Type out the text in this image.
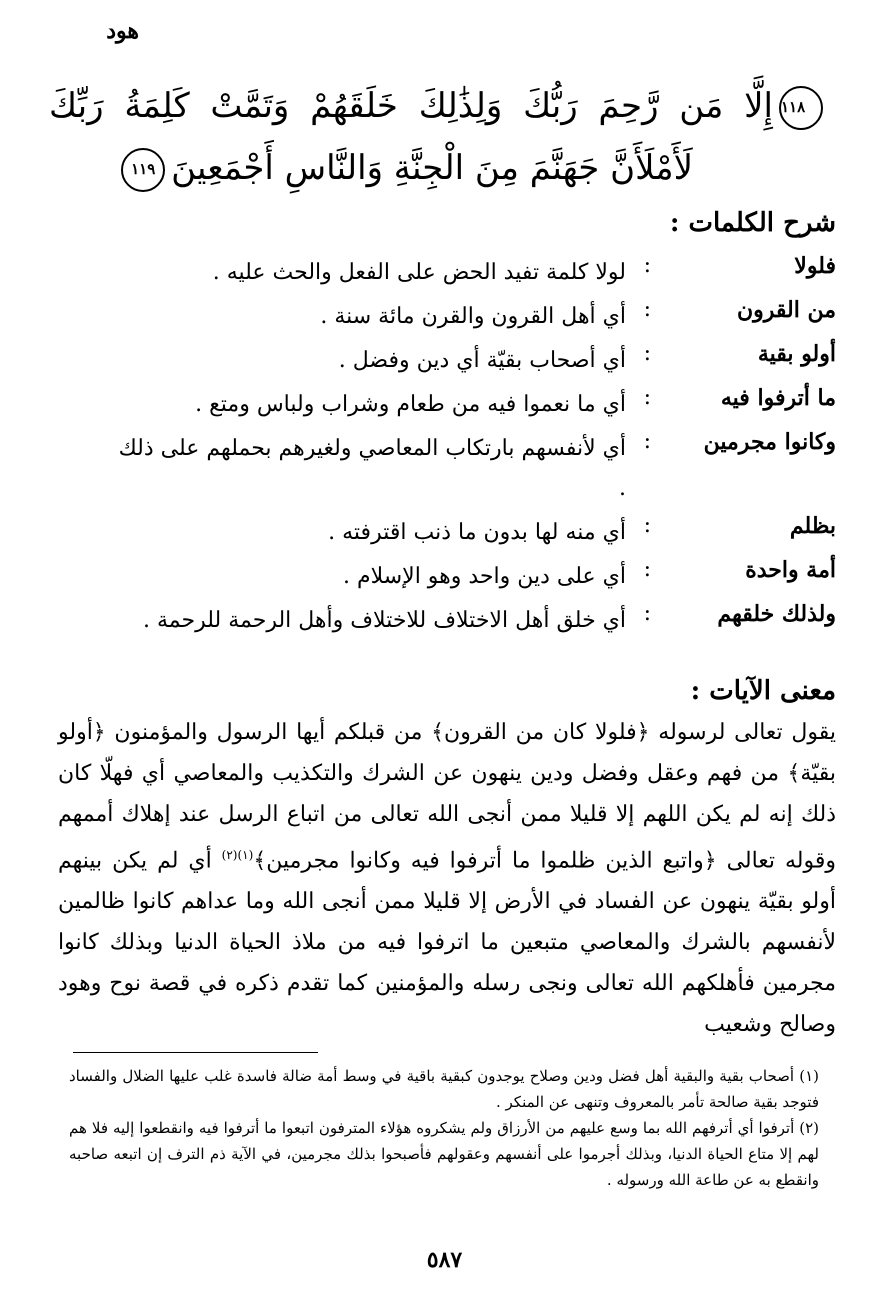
هود
١١٨إِلَّا مَن رَّحِمَ رَبُّكَ وَلِذَٰلِكَ خَلَقَهُمْ وَتَمَّتْ كَلِمَةُ رَبِّكَ
لَأَمْلَأَنَّ جَهَنَّمَ مِنَ الْجِنَّةِ وَالنَّاسِ أَجْمَعِينَ١١٩
شرح الكلمات :
فلولا
:
لولا كلمة تفيد الحض على الفعل والحث عليه .
من القرون
:
أي أهل القرون والقرن مائة سنة .
أولو بقية
:
أي أصحاب بقيّة أي دين وفضل .
ما أترفوا فيه
:
أي ما نعموا فيه من طعام وشراب ولباس ومتع .
وكانوا مجرمين
:
أي لأنفسهم بارتكاب المعاصي ولغيرهم بحملهم على ذلك .
بظلم
:
أي منه لها بدون ما ذنب اقترفته .
أمة واحدة
:
أي على دين واحد وهو الإسلام .
ولذلك خلقهم
:
أي خلق أهل الاختلاف للاختلاف وأهل الرحمة للرحمة .
معنى الآيات :

يقول تعالى لرسوله ﴿فلولا كان من القرون﴾ من قبلكم أيها الرسول والمؤمنون ﴿أولو بقيّة﴾ من فهم وعقل وفضل ودين ينهون عن الشرك والتكذيب والمعاصي أي فهلّا كان ذلك إنه لم يكن اللهم إلا قليلا ممن أنجى الله تعالى من اتباع الرسل عند إهلاك أممهم وقوله تعالى ﴿واتبع الذين ظلموا ما أترفوا فيه وكانوا مجرمين﴾$^{(١)(٢)}$ أي لم يكن بينهم أولو بقيّة ينهون عن الفساد في الأرض إلا قليلا ممن أنجى الله وما عداهم كانوا ظالمين لأنفسهم بالشرك والمعاصي متبعين ما اترفوا فيه من ملاذ الحياة الدنيا وبذلك كانوا مجرمين فأهلكهم الله تعالى ونجى رسله والمؤمنين كما تقدم ذكره في قصة نوح وهود وصالح وشعيب

(١) أصحاب بقية والبقية أهل فضل ودين وصلاح يوجدون كبقية باقية في وسط أمة ضالة فاسدة غلب عليها الضلال والفساد فتوجد بقية صالحة تأمر بالمعروف وتنهى عن المنكر .

(٢) أترفوا أي أترفهم الله بما وسع عليهم من الأرزاق ولم يشكروه هؤلاء المترفون اتبعوا ما أترفوا فيه وانقطعوا إليه فلا هم لهم إلا متاع الحياة الدنيا، وبذلك أجرموا على أنفسهم وعقولهم فأصبحوا بذلك مجرمين، في الآية ذم الترف إن اتبعه صاحبه وانقطع به عن طاعة الله ورسوله .

٥٨٧
